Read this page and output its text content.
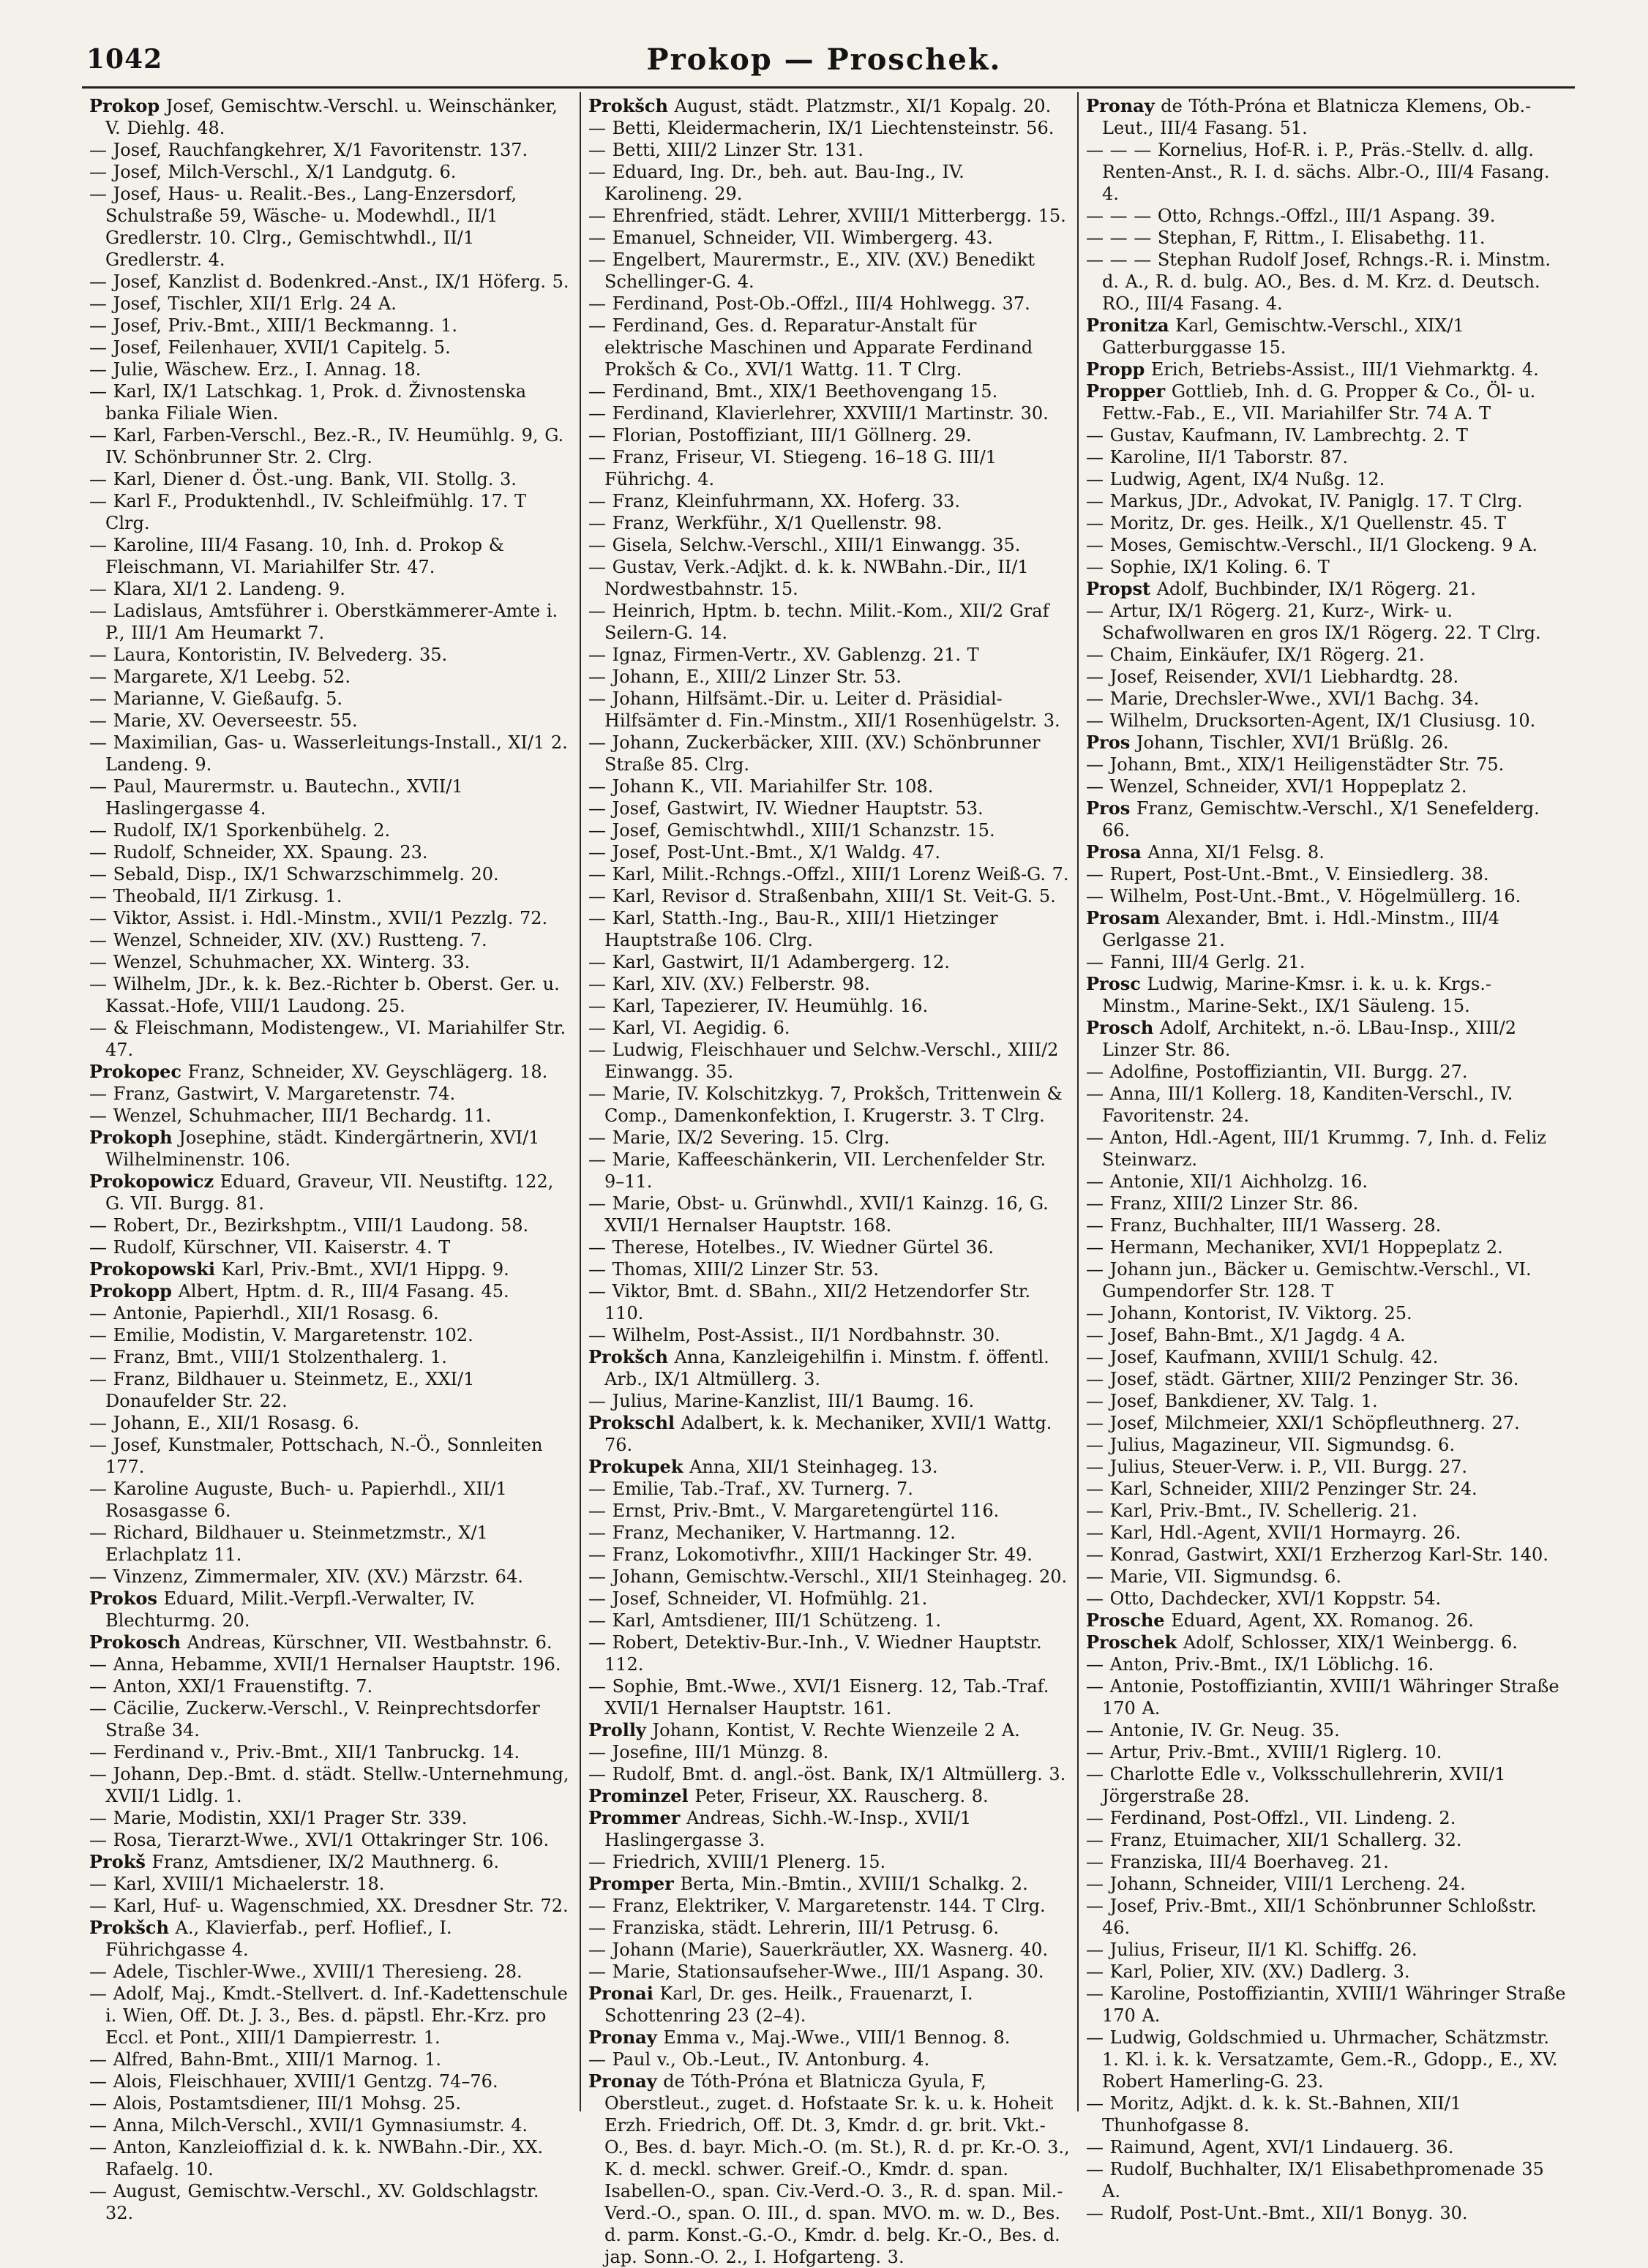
1042	Prokop — Proschek.

Prokop Josef, Gemischtw.-Verschl. u. Weinschänker, V. Diehlg. 48.

— Josef, Rauchfangkehrer, X/1 Favoritenstr. 137.

— Josef, Milch-Verschl., X/1 Landgutg. 6.

— Josef, Haus- u. Realit.-Bes., Lang-Enzersdorf, Schulstraße 59, Wäsche- u. Modewhdl., II/1 Gredlerstr. 10. Clrg., Gemischtwhdl., II/1 Gredlerstr. 4.

— Josef, Kanzlist d. Bodenkred.-Anst., IX/1 Höferg. 5.

— Josef, Tischler, XII/1 Erlg. 24 A.

— Josef, Priv.-Bmt., XIII/1 Beckmanng. 1.

— Josef, Feilenhauer, XVII/1 Capitelg. 5.

— Julie, Wäschew. Erz., I. Annag. 18.

— Karl, IX/1 Latschkag. 1, Prok. d. Živnostenska banka Filiale Wien.

— Karl, Farben-Verschl., Bez.-R., IV. Heumühlg. 9, G. IV. Schönbrunner Str. 2. Clrg.

— Karl, Diener d. Öst.-ung. Bank, VII. Stollg. 3.

— Karl F., Produktenhdl., IV. Schleifmühlg. 17. T Clrg.

— Karoline, III/4 Fasang. 10, Inh. d. Prokop & Fleischmann, VI. Mariahilfer Str. 47.

— Klara, XI/1 2. Landeng. 9.

— Ladislaus, Amtsführer i. Oberstkämmerer-Amte i. P., III/1 Am Heumarkt 7.

— Laura, Kontoristin, IV. Belvederg. 35.

— Margarete, X/1 Leebg. 52.

— Marianne, V. Gießaufg. 5.

— Marie, XV. Oeverseestr. 55.

— Maximilian, Gas- u. Wasserleitungs-Install., XI/1 2. Landeng. 9.

— Paul, Maurermstr. u. Bautechn., XVII/1 Haslingergasse 4.

— Rudolf, IX/1 Sporkenbühelg. 2.

— Rudolf, Schneider, XX. Spaung. 23.

— Sebald, Disp., IX/1 Schwarzschimmelg. 20.

— Theobald, II/1 Zirkusg. 1.

— Viktor, Assist. i. Hdl.-Minstm., XVII/1 Pezzlg. 72.

— Wenzel, Schneider, XIV. (XV.) Rustteng. 7.

— Wenzel, Schuhmacher, XX. Winterg. 33.

— Wilhelm, JDr., k. k. Bez.-Richter b. Oberst. Ger. u. Kassat.-Hofe, VIII/1 Laudong. 25.

— & Fleischmann, Modistengew., VI. Mariahilfer Str. 47.

Prokopec Franz, Schneider, XV. Geyschlägerg. 18.

— Franz, Gastwirt, V. Margaretenstr. 74.

— Wenzel, Schuhmacher, III/1 Bechardg. 11.

Prokoph Josephine, städt. Kindergärtnerin, XVI/1 Wilhelminenstr. 106.

Prokopowicz Eduard, Graveur, VII. Neustiftg. 122, G. VII. Burgg. 81.

— Robert, Dr., Bezirkshptm., VIII/1 Laudong. 58.

— Rudolf, Kürschner, VII. Kaiserstr. 4. T

Prokopowski Karl, Priv.-Bmt., XVI/1 Hippg. 9.

Prokopp Albert, Hptm. d. R., III/4 Fasang. 45.

— Antonie, Papierhdl., XII/1 Rosasg. 6.

— Emilie, Modistin, V. Margaretenstr. 102.

— Franz, Bmt., VIII/1 Stolzenthalerg. 1.

— Franz, Bildhauer u. Steinmetz, E., XXI/1 Donaufelder Str. 22.

— Johann, E., XII/1 Rosasg. 6.

— Josef, Kunstmaler, Pottschach, N.-Ö., Sonnleiten 177.

— Karoline Auguste, Buch- u. Papierhdl., XII/1 Rosasgasse 6.

— Richard, Bildhauer u. Steinmetzmstr., X/1 Erlachplatz 11.

— Vinzenz, Zimmermaler, XIV. (XV.) Märzstr. 64.

Prokos Eduard, Milit.-Verpfl.-Verwalter, IV. Blechturmg. 20.

Prokosch Andreas, Kürschner, VII. Westbahnstr. 6.

— Anna, Hebamme, XVII/1 Hernalser Hauptstr. 196.

— Anton, XXI/1 Frauenstiftg. 7.

— Cäcilie, Zuckerw.-Verschl., V. Reinprechtsdorfer Straße 34.

— Ferdinand v., Priv.-Bmt., XII/1 Tanbruckg. 14.

— Johann, Dep.-Bmt. d. städt. Stellw.-Unternehmung, XVII/1 Lidlg. 1.

— Marie, Modistin, XXI/1 Prager Str. 339.

— Rosa, Tierarzt-Wwe., XVI/1 Ottakringer Str. 106.

Prokš Franz, Amtsdiener, IX/2 Mauthnerg. 6.

— Karl, XVIII/1 Michaelerstr. 18.

— Karl, Huf- u. Wagenschmied, XX. Dresdner Str. 72.

Prokšch A., Klavierfab., perf. Hoflief., I. Führichgasse 4.

— Adele, Tischler-Wwe., XVIII/1 Theresieng. 28.

— Adolf, Maj., Kmdt.-Stellvert. d. Inf.-Kadettenschule i. Wien, Off. Dt. J. 3., Bes. d. päpstl. Ehr.-Krz. pro Eccl. et Pont., XIII/1 Dampierrestr. 1.

— Alfred, Bahn-Bmt., XIII/1 Marnog. 1.

— Alois, Fleischhauer, XVIII/1 Gentzg. 74–76.

— Alois, Postamtsdiener, III/1 Mohsg. 25.

— Anna, Milch-Verschl., XVII/1 Gymnasiumstr. 4.

— Anton, Kanzleioffizial d. k. k. NWBahn.-Dir., XX. Rafaelg. 10.

— August, Gemischtw.-Verschl., XV. Goldschlagstr. 32.

Prokšch August, städt. Platzmstr., XI/1 Kopalg. 20.

— Betti, Kleidermacherin, IX/1 Liechtensteinstr. 56.

— Betti, XIII/2 Linzer Str. 131.

— Eduard, Ing. Dr., beh. aut. Bau-Ing., IV. Karolineng. 29.

— Ehrenfried, städt. Lehrer, XVIII/1 Mitterbergg. 15.

— Emanuel, Schneider, VII. Wimbergerg. 43.

— Engelbert, Maurermstr., E., XIV. (XV.) Benedikt Schellinger-G. 4.

— Ferdinand, Post-Ob.-Offzl., III/4 Hohlwegg. 37.

— Ferdinand, Ges. d. Reparatur-Anstalt für elektrische Maschinen und Apparate Ferdinand Prokšch & Co., XVI/1 Wattg. 11. T Clrg.

— Ferdinand, Bmt., XIX/1 Beethovengang 15.

— Ferdinand, Klavierlehrer, XXVIII/1 Martinstr. 30.

— Florian, Postoffiziant, III/1 Göllnerg. 29.

— Franz, Friseur, VI. Stiegeng. 16–18 G. III/1 Führichg. 4.

— Franz, Kleinfuhrmann, XX. Hoferg. 33.

— Franz, Werkführ., X/1 Quellenstr. 98.

— Gisela, Selchw.-Verschl., XIII/1 Einwangg. 35.

— Gustav, Verk.-Adjkt. d. k. k. NWBahn.-Dir., II/1 Nordwestbahnstr. 15.

— Heinrich, Hptm. b. techn. Milit.-Kom., XII/2 Graf Seilern-G. 14.

— Ignaz, Firmen-Vertr., XV. Gablenzg. 21. T

— Johann, E., XIII/2 Linzer Str. 53.

— Johann, Hilfsämt.-Dir. u. Leiter d. Präsidial-Hilfsämter d. Fin.-Minstm., XII/1 Rosenhügelstr. 3.

— Johann, Zuckerbäcker, XIII. (XV.) Schönbrunner Straße 85. Clrg.

— Johann K., VII. Mariahilfer Str. 108.

— Josef, Gastwirt, IV. Wiedner Hauptstr. 53.

— Josef, Gemischtwhdl., XIII/1 Schanzstr. 15.

— Josef, Post-Unt.-Bmt., X/1 Waldg. 47.

— Karl, Milit.-Rchngs.-Offzl., XIII/1 Lorenz Weiß-G. 7.

— Karl, Revisor d. Straßenbahn, XIII/1 St. Veit-G. 5.

— Karl, Statth.-Ing., Bau-R., XIII/1 Hietzinger Hauptstraße 106. Clrg.

— Karl, Gastwirt, II/1 Adambergerg. 12.

— Karl, XIV. (XV.) Felberstr. 98.

— Karl, Tapezierer, IV. Heumühlg. 16.

— Karl, VI. Aegidig. 6.

— Ludwig, Fleischhauer und Selchw.-Verschl., XIII/2 Einwangg. 35.

— Marie, IV. Kolschitzkyg. 7, Prokšch, Trittenwein & Comp., Damenkonfektion, I. Krugerstr. 3. T Clrg.

— Marie, IX/2 Severing. 15. Clrg.

— Marie, Kaffeeschänkerin, VII. Lerchenfelder Str. 9–11.

— Marie, Obst- u. Grünwhdl., XVII/1 Kainzg. 16, G. XVII/1 Hernalser Hauptstr. 168.

— Therese, Hotelbes., IV. Wiedner Gürtel 36.

— Thomas, XIII/2 Linzer Str. 53.

— Viktor, Bmt. d. SBahn., XII/2 Hetzendorfer Str. 110.

— Wilhelm, Post-Assist., II/1 Nordbahnstr. 30.

Prokšch Anna, Kanzleigehilfin i. Minstm. f. öffentl. Arb., IX/1 Altmüllerg. 3.

— Julius, Marine-Kanzlist, III/1 Baumg. 16.

Prokschl Adalbert, k. k. Mechaniker, XVII/1 Wattg. 76.

Prokupek Anna, XII/1 Steinhageg. 13.

— Emilie, Tab.-Traf., XV. Turnerg. 7.

— Ernst, Priv.-Bmt., V. Margaretengürtel 116.

— Franz, Mechaniker, V. Hartmanng. 12.

— Franz, Lokomotivfhr., XIII/1 Hackinger Str. 49.

— Johann, Gemischtw.-Verschl., XII/1 Steinhageg. 20.

— Josef, Schneider, VI. Hofmühlg. 21.

— Karl, Amtsdiener, III/1 Schützeng. 1.

— Robert, Detektiv-Bur.-Inh., V. Wiedner Hauptstr. 112.

— Sophie, Bmt.-Wwe., XVI/1 Eisnerg. 12, Tab.-Traf. XVII/1 Hernalser Hauptstr. 161.

Prolly Johann, Kontist, V. Rechte Wienzeile 2 A.

— Josefine, III/1 Münzg. 8.

— Rudolf, Bmt. d. angl.-öst. Bank, IX/1 Altmüllerg. 3.

Prominzel Peter, Friseur, XX. Rauscherg. 8.

Prommer Andreas, Sichh.-W.-Insp., XVII/1 Haslingergasse 3.

— Friedrich, XVIII/1 Plenerg. 15.

Promper Berta, Min.-Bmtin., XVIII/1 Schalkg. 2.

— Franz, Elektriker, V. Margaretenstr. 144. T Clrg.

— Franziska, städt. Lehrerin, III/1 Petrusg. 6.

— Johann (Marie), Sauerkräutler, XX. Wasnerg. 40.

— Marie, Stationsaufseher-Wwe., III/1 Aspang. 30.

Pronai Karl, Dr. ges. Heilk., Frauenarzt, I. Schottenring 23 (2–4).

Pronay Emma v., Maj.-Wwe., VIII/1 Bennog. 8.

— Paul v., Ob.-Leut., IV. Antonburg. 4.

Pronay de Tóth-Próna et Blatnicza Gyula, F, Oberstleut., zuget. d. Hofstaate Sr. k. u. k. Hoheit Erzh. Friedrich, Off. Dt. 3, Kmdr. d. gr. brit. Vkt.-O., Bes. d. bayr. Mich.-O. (m. St.), R. d. pr. Kr.-O. 3., K. d. meckl. schwer. Greif.-O., Kmdr. d. span. Isabellen-O., span. Civ.-Verd.-O. 3., R. d. span. Mil.-Verd.-O., span. O. III., d. span. MVO. m. w. D., Bes. d. parm. Konst.-G.-O., Kmdr. d. belg. Kr.-O., Bes. d. jap. Sonn.-O. 2., I. Hofgarteng. 3.

Pronay de Tóth-Próna et Blatnicza Klemens, Ob.-Leut., III/4 Fasang. 51.

— — — Kornelius, Hof-R. i. P., Präs.-Stellv. d. allg. Renten-Anst., R. I. d. sächs. Albr.-O., III/4 Fasang. 4.

— — — Otto, Rchngs.-Offzl., III/1 Aspang. 39.

— — — Stephan, F, Rittm., I. Elisabethg. 11.

— — — Stephan Rudolf Josef, Rchngs.-R. i. Minstm. d. A., R. d. bulg. AO., Bes. d. M. Krz. d. Deutsch. RO., III/4 Fasang. 4.

Pronitza Karl, Gemischtw.-Verschl., XIX/1 Gatterburggasse 15.

Propp Erich, Betriebs-Assist., III/1 Viehmarktg. 4.

Propper Gottlieb, Inh. d. G. Propper & Co., Öl- u. Fettw.-Fab., E., VII. Mariahilfer Str. 74 A. T

— Gustav, Kaufmann, IV. Lambrechtg. 2. T

— Karoline, II/1 Taborstr. 87.

— Ludwig, Agent, IX/4 Nußg. 12.

— Markus, JDr., Advokat, IV. Paniglg. 17. T Clrg.

— Moritz, Dr. ges. Heilk., X/1 Quellenstr. 45. T

— Moses, Gemischtw.-Verschl., II/1 Glockeng. 9 A.

— Sophie, IX/1 Koling. 6. T

Propst Adolf, Buchbinder, IX/1 Rögerg. 21.

— Artur, IX/1 Rögerg. 21, Kurz-, Wirk- u. Schafwollwaren en gros IX/1 Rögerg. 22. T Clrg.

— Chaim, Einkäufer, IX/1 Rögerg. 21.

— Josef, Reisender, XVI/1 Liebhardtg. 28.

— Marie, Drechsler-Wwe., XVI/1 Bachg. 34.

— Wilhelm, Drucksorten-Agent, IX/1 Clusiusg. 10.

Pros Johann, Tischler, XVI/1 Brüßlg. 26.

— Johann, Bmt., XIX/1 Heiligenstädter Str. 75.

— Wenzel, Schneider, XVI/1 Hoppeplatz 2.

Pros Franz, Gemischtw.-Verschl., X/1 Senefelderg. 66.

Prosa Anna, XI/1 Felsg. 8.

— Rupert, Post-Unt.-Bmt., V. Einsiedlerg. 38.

— Wilhelm, Post-Unt.-Bmt., V. Högelmüllerg. 16.

Prosam Alexander, Bmt. i. Hdl.-Minstm., III/4 Gerlgasse 21.

— Fanni, III/4 Gerlg. 21.

Prosc Ludwig, Marine-Kmsr. i. k. u. k. Krgs.-Minstm., Marine-Sekt., IX/1 Säuleng. 15.

Prosch Adolf, Architekt, n.-ö. LBau-Insp., XIII/2 Linzer Str. 86.

— Adolfine, Postoffiziantin, VII. Burgg. 27.

— Anna, III/1 Kollerg. 18, Kanditen-Verschl., IV. Favoritenstr. 24.

— Anton, Hdl.-Agent, III/1 Krummg. 7, Inh. d. Feliz Steinwarz.

— Antonie, XII/1 Aichholzg. 16.

— Franz, XIII/2 Linzer Str. 86.

— Franz, Buchhalter, III/1 Wasserg. 28.

— Hermann, Mechaniker, XVI/1 Hoppeplatz 2.

— Johann jun., Bäcker u. Gemischtw.-Verschl., VI. Gumpendorfer Str. 128. T

— Johann, Kontorist, IV. Viktorg. 25.

— Josef, Bahn-Bmt., X/1 Jagdg. 4 A.

— Josef, Kaufmann, XVIII/1 Schulg. 42.

— Josef, städt. Gärtner, XIII/2 Penzinger Str. 36.

— Josef, Bankdiener, XV. Talg. 1.

— Josef, Milchmeier, XXI/1 Schöpfleuthnerg. 27.

— Julius, Magazineur, VII. Sigmundsg. 6.

— Julius, Steuer-Verw. i. P., VII. Burgg. 27.

— Karl, Schneider, XIII/2 Penzinger Str. 24.

— Karl, Priv.-Bmt., IV. Schellerig. 21.

— Karl, Hdl.-Agent, XVII/1 Hormayrg. 26.

— Konrad, Gastwirt, XXI/1 Erzherzog Karl-Str. 140.

— Marie, VII. Sigmundsg. 6.

— Otto, Dachdecker, XVI/1 Koppstr. 54.

Prosche Eduard, Agent, XX. Romanog. 26.

Proschek Adolf, Schlosser, XIX/1 Weinbergg. 6.

— Anton, Priv.-Bmt., IX/1 Löblichg. 16.

— Antonie, Postoffiziantin, XVIII/1 Währinger Straße 170 A.

— Antonie, IV. Gr. Neug. 35.

— Artur, Priv.-Bmt., XVIII/1 Riglerg. 10.

— Charlotte Edle v., Volksschullehrerin, XVII/1 Jörgerstraße 28.

— Ferdinand, Post-Offzl., VII. Lindeng. 2.

— Franz, Etuimacher, XII/1 Schallerg. 32.

— Franziska, III/4 Boerhaveg. 21.

— Johann, Schneider, VIII/1 Lercheng. 24.

— Josef, Priv.-Bmt., XII/1 Schönbrunner Schloßstr. 46.

— Julius, Friseur, II/1 Kl. Schiffg. 26.

— Karl, Polier, XIV. (XV.) Dadlerg. 3.

— Karoline, Postoffiziantin, XVIII/1 Währinger Straße 170 A.

— Ludwig, Goldschmied u. Uhrmacher, Schätzmstr. 1. Kl. i. k. k. Versatzamte, Gem.-R., Gdopp., E., XV. Robert Hamerling-G. 23.

— Moritz, Adjkt. d. k. k. St.-Bahnen, XII/1 Thunhofgasse 8.

— Raimund, Agent, XVI/1 Lindauerg. 36.

— Rudolf, Buchhalter, IX/1 Elisabethpromenade 35 A.

— Rudolf, Post-Unt.-Bmt., XII/1 Bonyg. 30.
